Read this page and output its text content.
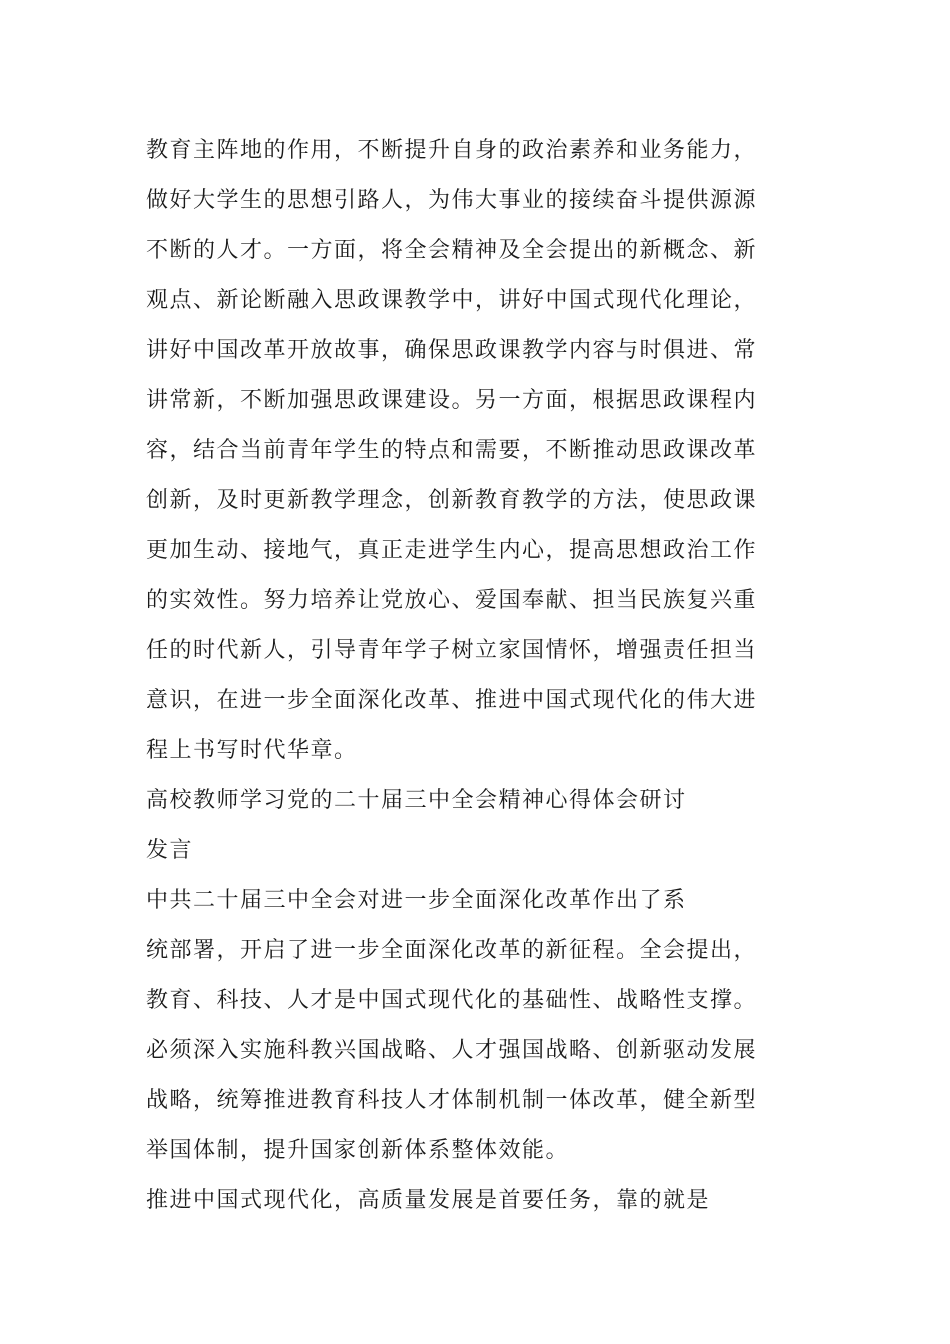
教育主阵地的作用，不断提升自身的政治素养和业务能力，

做好大学生的思想引路人，为伟大事业的接续奋斗提供源源

不断的人才。一方面，将全会精神及全会提出的新概念、新

观点、新论断融入思政课教学中，讲好中国式现代化理论，

讲好中国改革开放故事，确保思政课教学内容与时俱进、常

讲常新，不断加强思政课建设。另一方面，根据思政课程内

容，结合当前青年学生的特点和需要，不断推动思政课改革

创新，及时更新教学理念，创新教育教学的方法，使思政课

更加生动、接地气，真正走进学生内心，提高思想政治工作

的实效性。努力培养让党放心、爱国奉献、担当民族复兴重

任的时代新人，引导青年学子树立家国情怀，增强责任担当

意识，在进一步全面深化改革、推进中国式现代化的伟大进

程上书写时代华章。

高校教师学习党的二十届三中全会精神心得体会研讨

发言

中共二十届三中全会对进一步全面深化改革作出了系

统部署，开启了进一步全面深化改革的新征程。全会提出，

教育、科技、人才是中国式现代化的基础性、战略性支撑。

必须深入实施科教兴国战略、人才强国战略、创新驱动发展

战略，统筹推进教育科技人才体制机制一体改革，健全新型

举国体制，提升国家创新体系整体效能。

推进中国式现代化，高质量发展是首要任务，靠的就是
